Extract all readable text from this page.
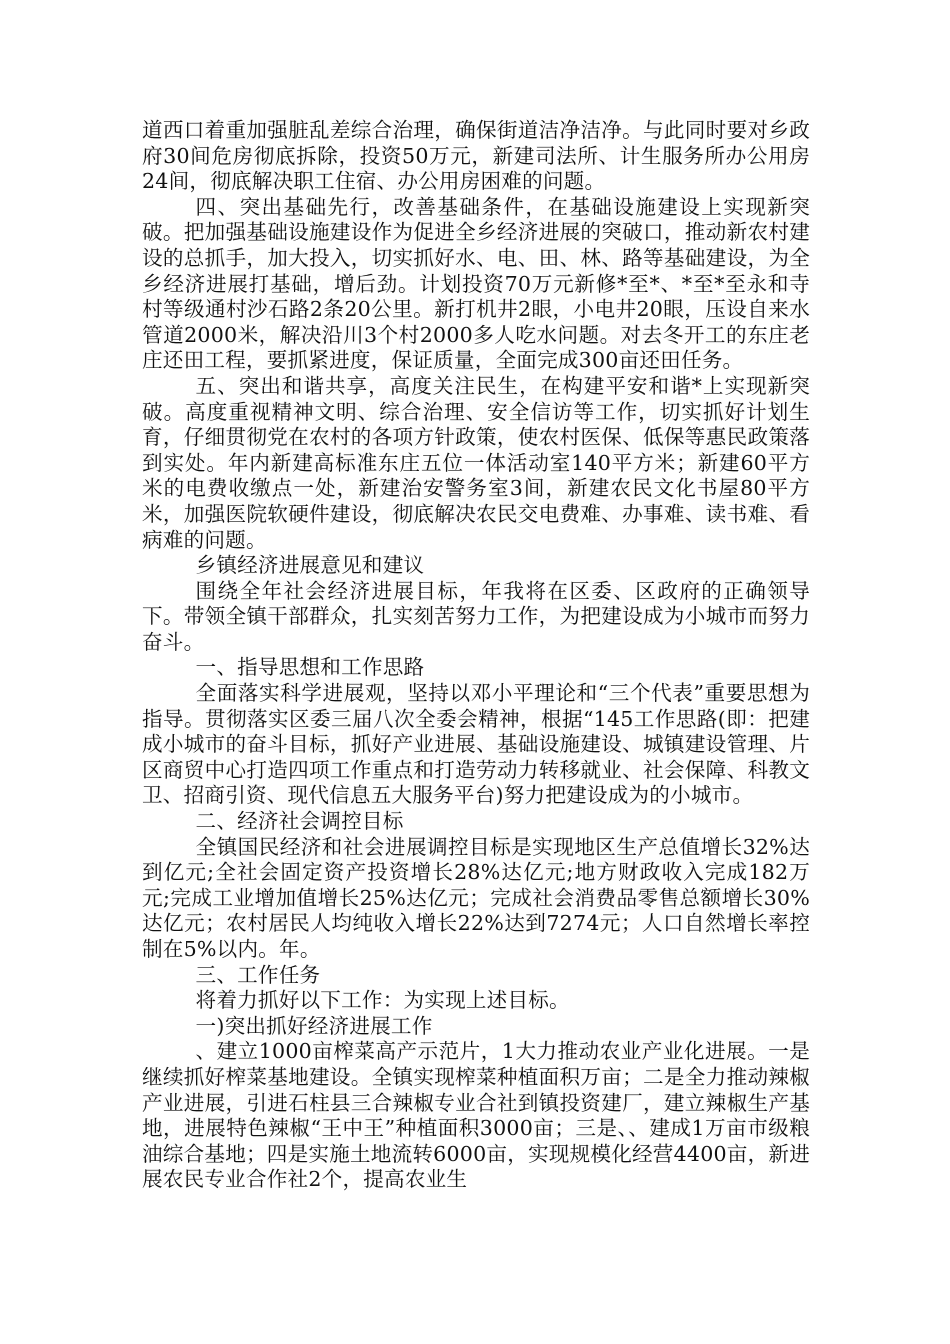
道西口着重加强脏乱差综合治理，确保街道洁净洁净。与此同时要对乡政府30间危房彻底拆除，投资50万元，新建司法所、计生服务所办公用房24间，彻底解决职工住宿、办公用房困难的问题。

四、突出基础先行，改善基础条件，在基础设施建设上实现新突破。把加强基础设施建设作为促进全乡经济进展的突破口，推动新农村建设的总抓手，加大投入，切实抓好水、电、田、林、路等基础建设，为全乡经济进展打基础，增后劲。计划投资70万元新修*至*、*至*至永和寺村等级通村沙石路2条20公里。新打机井2眼，小电井20眼，压设自来水管道2000米，解决沿川3个村2000多人吃水问题。对去冬开工的东庄老庄还田工程，要抓紧进度，保证质量，全面完成300亩还田任务。

五、突出和谐共享，高度关注民生，在构建平安和谐*上实现新突破。高度重视精神文明、综合治理、安全信访等工作，切实抓好计划生育，仔细贯彻党在农村的各项方针政策，使农村医保、低保等惠民政策落到实处。年内新建高标准东庄五位一体活动室140平方米；新建60平方米的电费收缴点一处，新建治安警务室3间，新建农民文化书屋80平方米，加强医院软硬件建设，彻底解决农民交电费难、办事难、读书难、看病难的问题。

乡镇经济进展意见和建议

围绕全年社会经济进展目标，年我将在区委、区政府的正确领导下。带领全镇干部群众，扎实刻苦努力工作，为把建设成为小城市而努力奋斗。

一、指导思想和工作思路

全面落实科学进展观，坚持以邓小平理论和“三个代表”重要思想为指导。贯彻落实区委三届八次全委会精神，根据“145工作思路(即：把建成小城市的奋斗目标，抓好产业进展、基础设施建设、城镇建设管理、片区商贸中心打造四项工作重点和打造劳动力转移就业、社会保障、科教文卫、招商引资、现代信息五大服务平台)努力把建设成为的小城市。

二、经济社会调控目标

全镇国民经济和社会进展调控目标是实现地区生产总值增长32%达到亿元;全社会固定资产投资增长28%达亿元;地方财政收入完成182万元;完成工业增加值增长25%达亿元；完成社会消费品零售总额增长30%达亿元；农村居民人均纯收入增长22%达到7274元；人口自然增长率控制在5%以内。年。

三、工作任务

将着力抓好以下工作：为实现上述目标。

一)突出抓好经济进展工作

、建立1000亩榨菜高产示范片，1大力推动农业产业化进展。一是继续抓好榨菜基地建设。全镇实现榨菜种植面积万亩；二是全力推动辣椒产业进展，引进石柱县三合辣椒专业合社到镇投资建厂，建立辣椒生产基地，进展特色辣椒“王中王”种植面积3000亩；三是、、建成1万亩市级粮油综合基地；四是实施土地流转6000亩，实现规模化经营4400亩，新进展农民专业合作社2个，提高农业生
